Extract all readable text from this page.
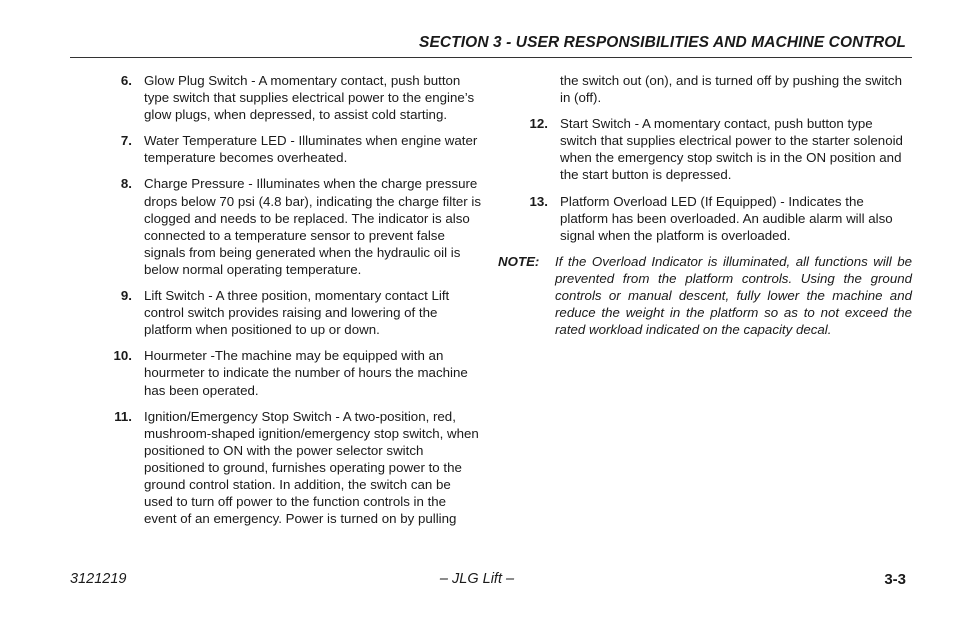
SECTION 3 - USER RESPONSIBILITIES AND MACHINE CONTROL
6. Glow Plug Switch - A momentary contact, push button type switch that supplies electrical power to the engine’s glow plugs, when depressed, to assist cold starting.
7. Water Temperature LED - Illuminates when engine water temperature becomes overheated.
8. Charge Pressure - Illuminates when the charge pressure drops below 70 psi (4.8 bar), indicating the charge filter is clogged and needs to be replaced. The indicator is also connected to a temperature sensor to prevent false signals from being generated when the hydraulic oil is below normal operating temperature.
9. Lift Switch - A three position, momentary contact Lift control switch provides raising and lowering of the platform when positioned to up or down.
10. Hourmeter -The machine may be equipped with an hourmeter to indicate the number of hours the machine has been operated.
11. Ignition/Emergency Stop Switch - A two-position, red, mushroom-shaped ignition/emergency stop switch, when positioned to ON with the power selector switch positioned to ground, furnishes operating power to the ground control station. In addition, the switch can be used to turn off power to the function controls in the event of an emergency. Power is turned on by pulling
the switch out (on), and is turned off by pushing the switch in (off).
12. Start Switch - A momentary contact, push button type switch that supplies electrical power to the starter solenoid when the emergency stop switch is in the ON position and the start button is depressed.
13. Platform Overload LED (If Equipped) - Indicates the platform has been overloaded. An audible alarm will also signal when the platform is overloaded.
NOTE:	If the Overload Indicator is illuminated, all functions will be prevented from the platform controls. Using the ground controls or manual descent, fully lower the machine and reduce the weight in the platform so as to not exceed the rated workload indicated on the capacity decal.
3121219	– JLG Lift –	3-3
